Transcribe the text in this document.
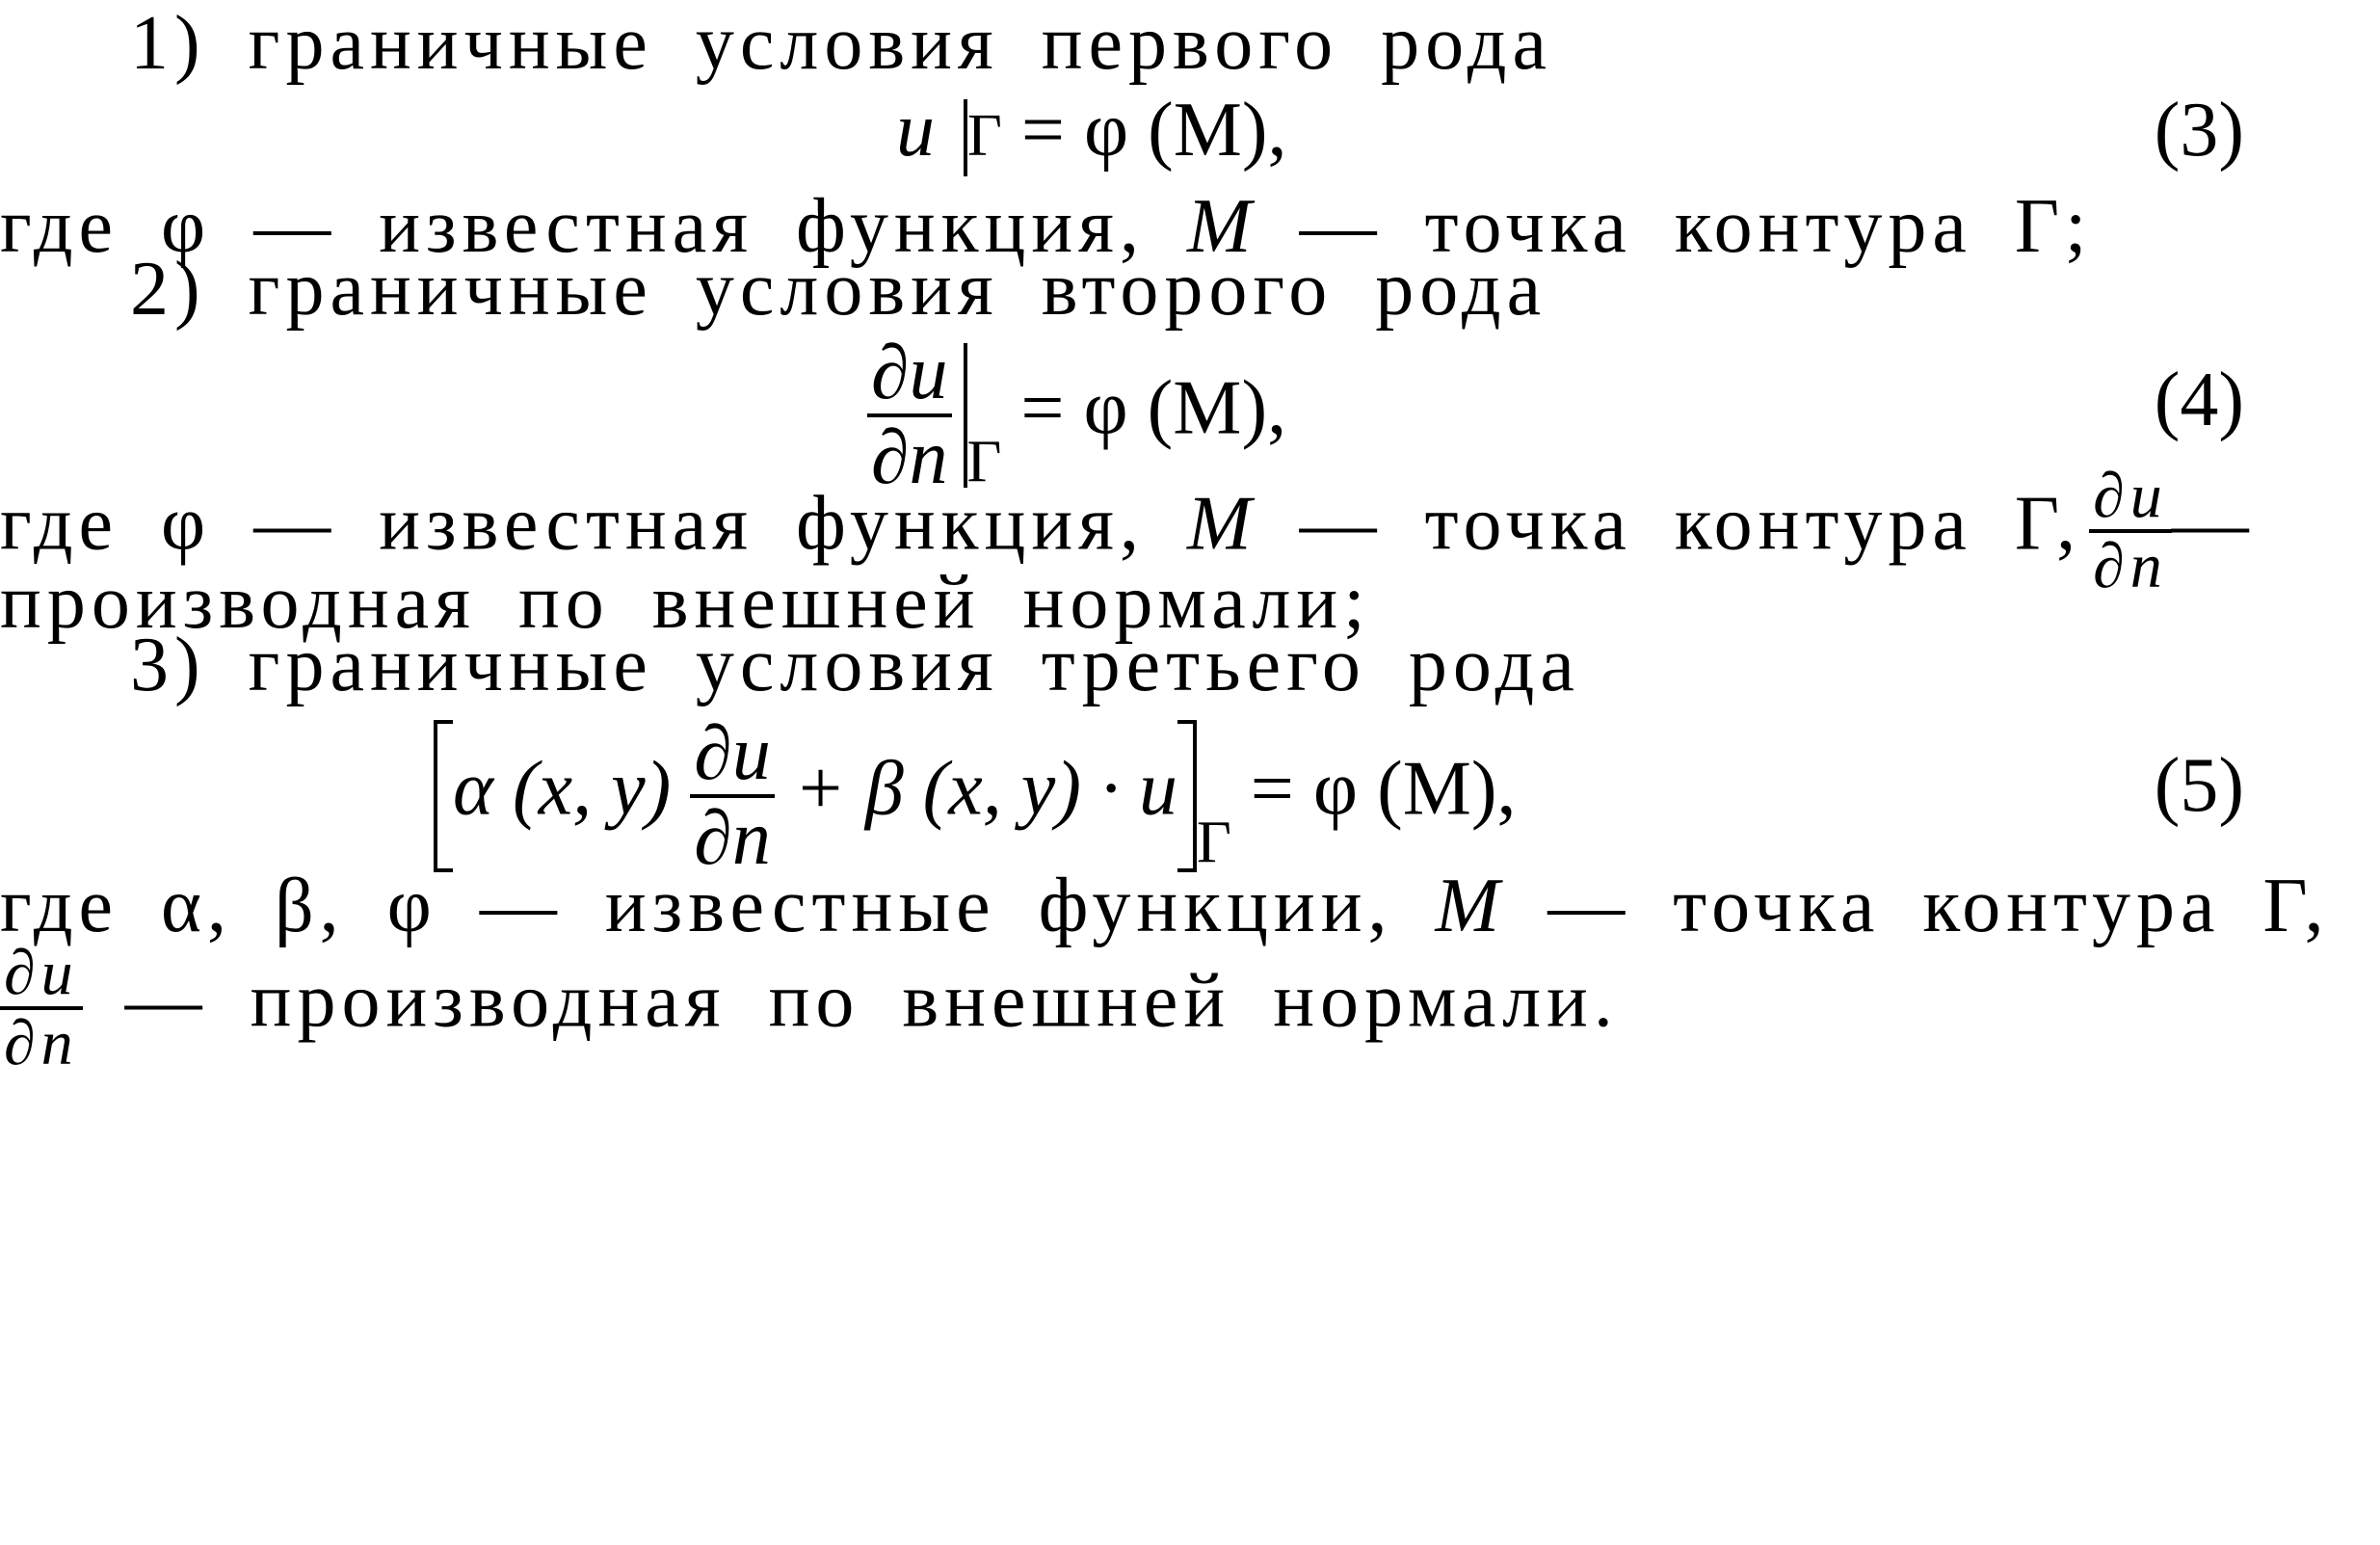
1) граничные условия первого рода
u Г = φ (M),	(3)
где φ — известная функция, M — точка контура Г;
2) граничные условия второго рода
$\frac{\partial u}{\partial n} _Г = \varphi$ (M),	(4)
где φ — известная функция, M — точка контура Г, $\frac{\partial u}{\partial n}$ —
производная по внешней нормали;
3) граничные условия третьего рода
α (x, $y) \frac{\partial u}{\partial n} + \beta$ (x, $y) \cdot u_Г = \varphi$ (M),	(5)
где α, β, φ — известные функции, M — точка контура Г,
$\frac{\partial u}{\partial n}$ — производная по внешней нормали.
